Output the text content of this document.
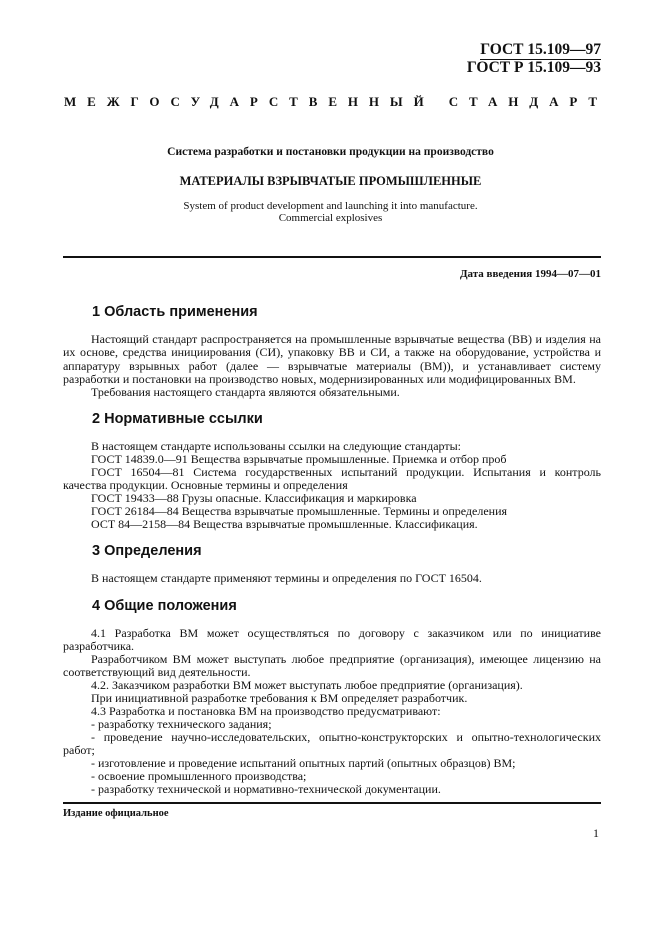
ГОСТ 15.109—97
ГОСТ Р 15.109—93
МЕЖГОСУДАРСТВЕННЫЙ СТАНДАРТ
Система разработки и постановки продукции на производство
МАТЕРИАЛЫ ВЗРЫВЧАТЫЕ ПРОМЫШЛЕННЫЕ
System of product development and launching it into manufacture.
Commercial explosives
Дата введения 1994—07—01
1 Область применения
Настоящий стандарт распространяется на промышленные взрывчатые вещества (ВВ) и изделия на их основе, средства инициирования (СИ), упаковку ВВ и СИ, а также на оборудование, устройства и аппаратуру взрывных работ (далее — взрывчатые материалы (ВМ)), и устанавливает систему разработки и постановки на производство новых, модернизированных или модифицированных ВМ.
Требования настоящего стандарта являются обязательными.
2 Нормативные ссылки
В настоящем стандарте использованы ссылки на следующие стандарты:
ГОСТ 14839.0—91 Вещества взрывчатые промышленные. Приемка и отбор проб
ГОСТ 16504—81 Система государственных испытаний продукции. Испытания и контроль качества продукции. Основные термины и определения
ГОСТ 19433—88 Грузы опасные. Классификация и маркировка
ГОСТ 26184—84 Вещества взрывчатые промышленные. Термины и определения
ОСТ 84—2158—84 Вещества взрывчатые промышленные. Классификация.
3 Определения
В настоящем стандарте применяют термины и определения по ГОСТ 16504.
4 Общие положения
4.1 Разработка ВМ может осуществляться по договору с заказчиком или по инициативе разработчика.
Разработчиком ВМ может выступать любое предприятие (организация), имеющее лицензию на соответствующий вид деятельности.
4.2. Заказчиком разработки ВМ может выступать любое предприятие (организация).
При инициативной разработке требования к ВМ определяет разработчик.
4.3 Разработка и постановка ВМ на производство предусматривают:
- разработку технического задания;
- проведение научно-исследовательских, опытно-конструкторских и опытно-технологических работ;
- изготовление и проведение испытаний опытных партий (опытных образцов) ВМ;
- освоение промышленного производства;
- разработку технической и нормативно-технической документации.
Издание официальное
1
